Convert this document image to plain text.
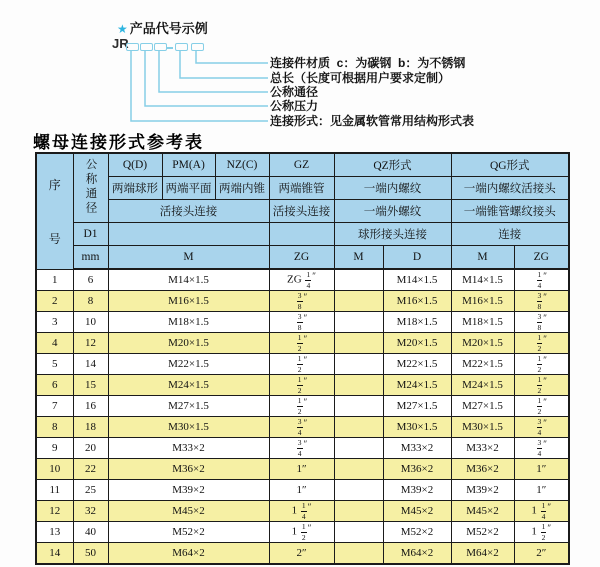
★ 产品代号示例
JR
连接件材质  c：为碳钢  b：为不锈钢
总长（长度可根据用户要求定制）
公称通径
公称压力
连接形式：见金属软管常用结构形式表
螺母连接形式参考表
序
号	公称通径	Q(D)	PM(A)	NZ(C)	GZ	QZ形式		QG形式	
		两端球形	两端平面	两端内锥	两端锥管	一端内螺纹		一端内螺纹活接头	
		活接头连接			活接头连接	一端外螺纹		一端锥管螺纹接头	
	D1					球形接头连接		连接	
	mm	M			ZG	M	D	M	ZG
1	6	M14×1.5			ZG $\frac{1}{4} ''$		M14×1.5	M14×1.5	$\frac{1}{4} ''$
2	8	M16×1.5			$\frac{3}{8} ''$		M16×1.5	M16×1.5	$\frac{3}{8} ''$
3	10	M18×1.5			$\frac{3}{8} ''$		M18×1.5	M18×1.5	$\frac{3}{8} ''$
4	12	M20×1.5			$\frac{1}{2} ''$		M20×1.5	M20×1.5	$\frac{1}{2} ''$
5	14	M22×1.5			$\frac{1}{2} ''$		M22×1.5	M22×1.5	$\frac{1}{2} ''$
6	15	M24×1.5			$\frac{1}{2} ''$		M24×1.5	M24×1.5	$\frac{1}{2} ''$
7	16	M27×1.5			$\frac{1}{2} ''$		M27×1.5	M27×1.5	$\frac{1}{2} ''$
8	18	M30×1.5			$\frac{3}{4} ''$		M30×1.5	M30×1.5	$\frac{3}{4} ''$
9	20	M33×2			$\frac{3}{4} ''$		M33×2	M33×2	$\frac{3}{4} ''$
10	22	M36×2			1″		M36×2	M36×2	1″
11	25	M39×2			1″		M39×2	M39×2	1″
12	32	M45×2			$1 \frac{1}{4} ''$		M45×2	M45×2	$1 \frac{1}{4} ''$
13	40	M52×2			$1 \frac{1}{2} ''$		M52×2	M52×2	$1 \frac{1}{2} ''$
14	50	M64×2			2″		M64×2	M64×2	2″
